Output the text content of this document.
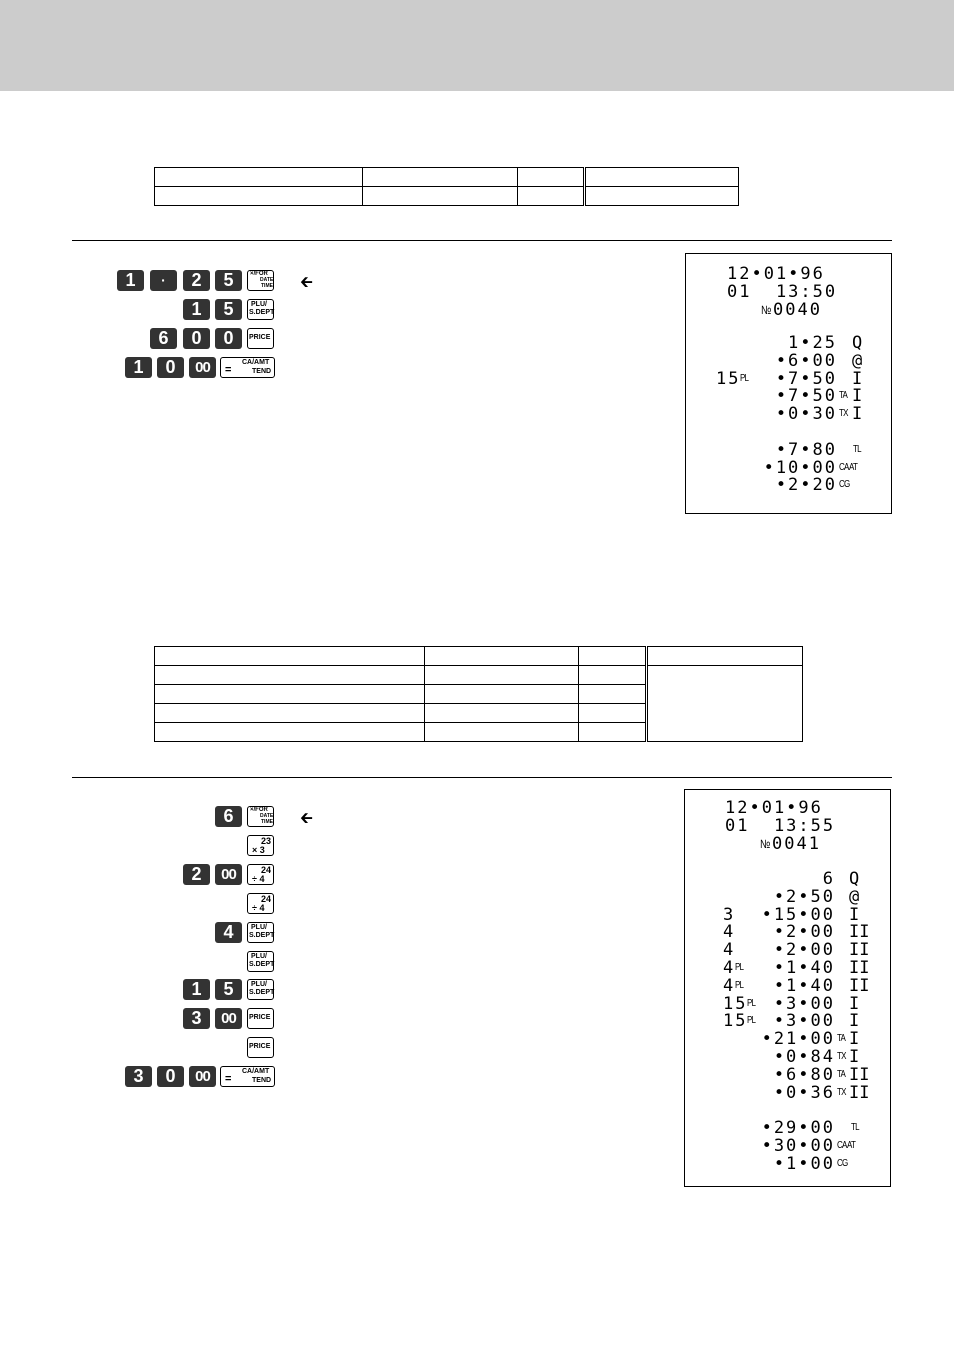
1	·	2	5	×/FOR
DATE
TIME 🡰
1	5	PLU/
S.DEPT
6	0	0	PRICE
1	0	00	CA/AMT
=	TEND
12•01•96
01  13:50
№ 0040
1•25 Q
•6•00 @
15 PL •7•50 I
•7•50 TA I
•0•30 TX I
•7•80 TL
•10•00 CA AT
•2•20 CG

6	×/FOR
DATE
TIME 🡰
23
× 3
2	00	24
÷ 4
24
÷ 4
4	PLU/
S.DEPT
PLU/
S.DEPT
1	5	PLU/
S.DEPT
3	00	PRICE
PRICE
3	0	00	CA/AMT
=	TEND
12•01•96
01  13:55
№ 0041
6 Q
•2•50 @
3 •15•00 I
4 •2•00 II
4 •2•00 II
4 PL •1•40 II
4 PL •1•40 II
15 PL •3•00 I
15 PL •3•00 I
•21•00 TA I
•0•84 TX I
•6•80 TA II
•0•36 TX II
•29•00 TL
•30•00 CA AT
•1•00 CG
